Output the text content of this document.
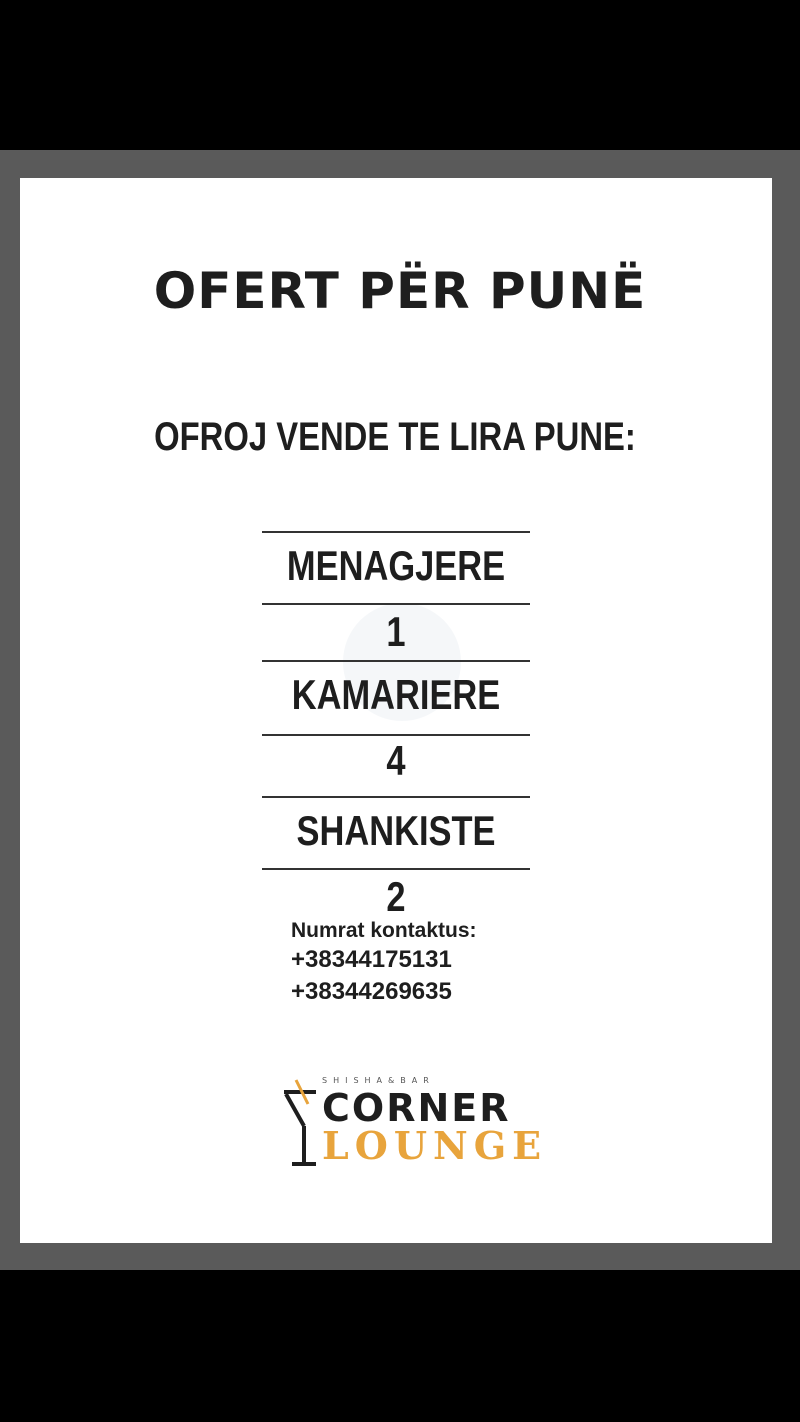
OFERT PËR PUNË
OFROJ VENDE TE LIRA PUNE:
MENAGJERE 1
KAMARIERE 4
SHANKISTE 2
Numrat kontaktus:
+38344175131
+38344269635
SHISHA&BAR
CORNER
LOUNGE
